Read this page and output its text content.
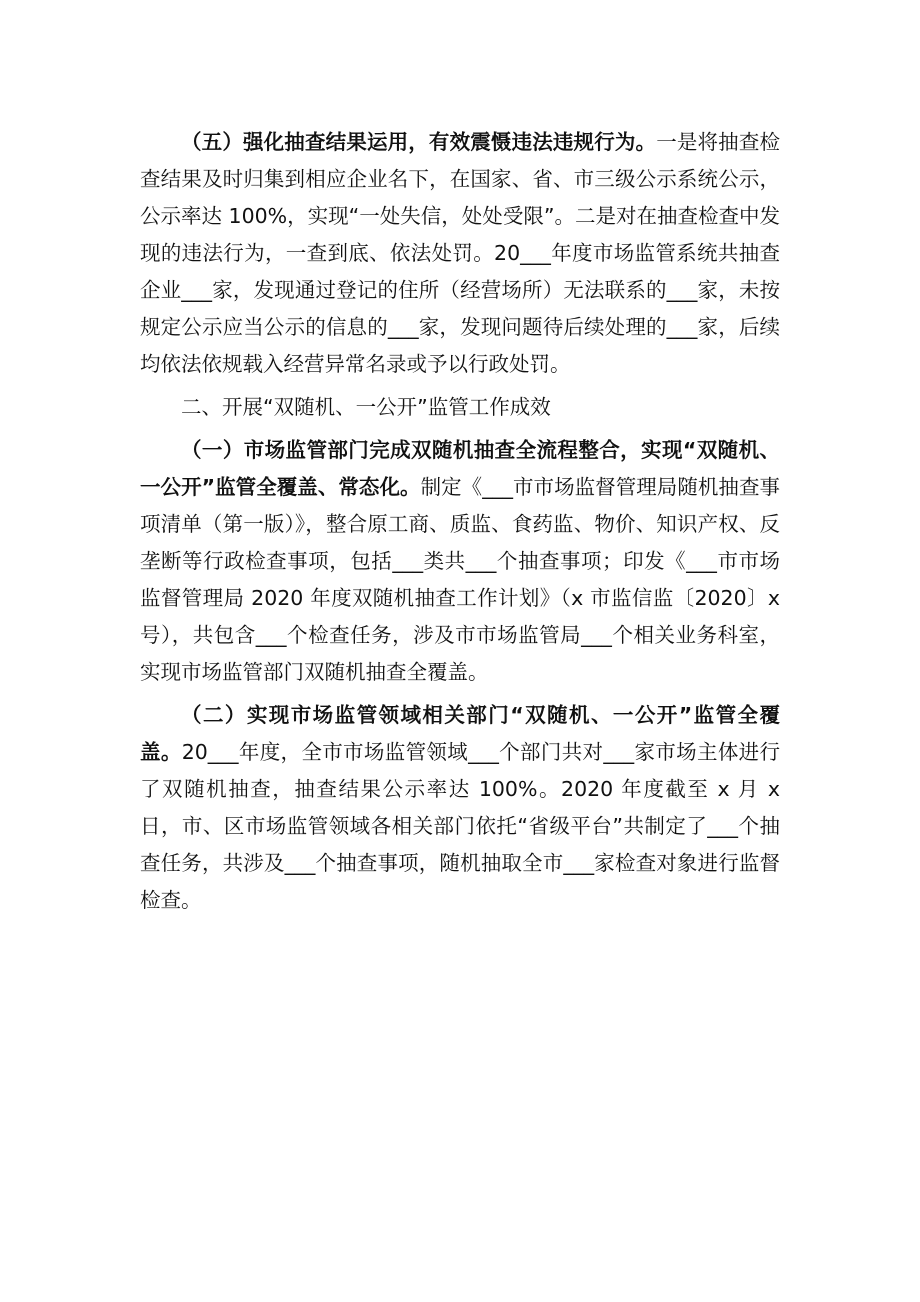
（五）强化抽查结果运用，有效震慑违法违规行为。一是将抽查检查结果及时归集到相应企业名下，在国家、省、市三级公示系统公示，公示率达 100%，实现“一处失信，处处受限”。二是对在抽查检查中发现的违法行为，一查到底、依法处罚。20___年度市场监管系统共抽查企业___家，发现通过登记的住所（经营场所）无法联系的___家，未按规定公示应当公示的信息的___家，发现问题待后续处理的___家，后续均依法依规载入经营异常名录或予以行政处罚。

二、开展“双随机、一公开”监管工作成效

（一）市场监管部门完成双随机抽查全流程整合，实现“双随机、一公开”监管全覆盖、常态化。制定《___市市场监督管理局随机抽查事项清单（第一版）》，整合原工商、质监、食药监、物价、知识产权、反垄断等行政检查事项，包括___类共___个抽查事项；印发《___市市场监督管理局 2020 年度双随机抽查工作计划》（x 市监信监〔2020〕x 号），共包含___个检查任务，涉及市市场监管局___个相关业务科室，实现市场监管部门双随机抽查全覆盖。

（二）实现市场监管领域相关部门“双随机、一公开”监管全覆盖。20___年度，全市市场监管领域___个部门共对___家市场主体进行了双随机抽查，抽查结果公示率达 100%。2020 年度截至 x 月 x 日，市、区市场监管领域各相关部门依托“省级平台”共制定了___个抽查任务，共涉及___个抽查事项，随机抽取全市___家检查对象进行监督检查。
